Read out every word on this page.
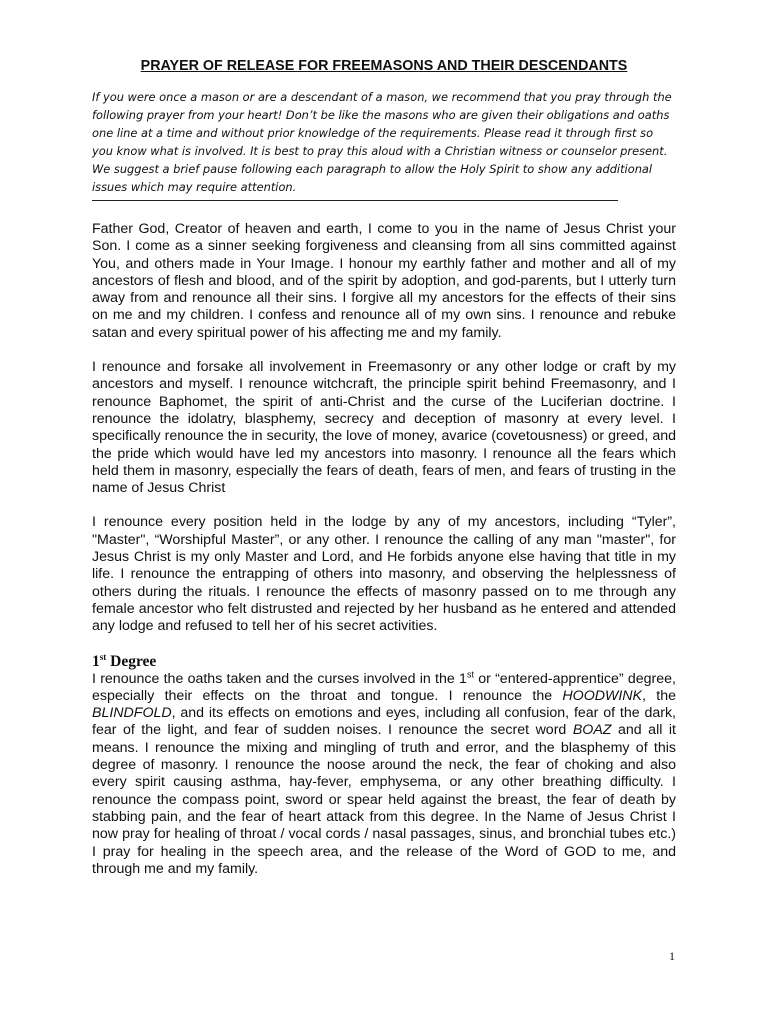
PRAYER OF RELEASE FOR FREEMASONS AND THEIR DESCENDANTS

If you were once a mason or are a descendant of a mason, we recommend that you pray through the following prayer from your heart! Don’t be like the masons who are given their obligations and oaths one line at a time and without prior knowledge of the requirements. Please read it through first so you know what is involved. It is best to pray this aloud with a Christian witness or counselor present. We suggest a brief pause following each paragraph to allow the Holy Spirit to show any additional issues which may require attention.

Father God, Creator of heaven and earth, I come to you in the name of Jesus Christ your Son. I come as a sinner seeking forgiveness and cleansing from all sins committed against You, and others made in Your Image. I honour my earthly father and mother and all of my ancestors of flesh and blood, and of the spirit by adoption, and god-parents, but I utterly turn away from and renounce all their sins. I forgive all my ancestors for the effects of their sins on me and my children. I confess and renounce all of my own sins. I renounce and rebuke satan and every spiritual power of his affecting me and my family.

I renounce and forsake all involvement in Freemasonry or any other lodge or craft by my ancestors and myself. I renounce witchcraft, the principle spirit behind Freemasonry, and I renounce Baphomet, the spirit of anti-Christ and the curse of the Luciferian doctrine. I renounce the idolatry, blasphemy, secrecy and deception of masonry at every level. I specifically renounce the in security, the love of money, avarice (covetousness) or greed, and the pride which would have led my ancestors into masonry. I renounce all the fears which held them in masonry, especially the fears of death, fears of men, and fears of trusting in the name of Jesus Christ

I renounce every position held in the lodge by any of my ancestors, including “Tyler”, "Master", “Worshipful Master”, or any other. I renounce the calling of any man "master", for Jesus Christ is my only Master and Lord, and He forbids anyone else having that title in my life. I renounce the entrapping of others into masonry, and observing the helplessness of others during the rituals. I renounce the effects of masonry passed on to me through any female ancestor who felt distrusted and rejected by her husband as he entered and attended any lodge and refused to tell her of his secret activities.

1st Degree

I renounce the oaths taken and the curses involved in the 1st or “entered-apprentice” degree, especially their effects on the throat and tongue. I renounce the HOODWINK, the BLINDFOLD, and its effects on emotions and eyes, including all confusion, fear of the dark, fear of the light, and fear of sudden noises. I renounce the secret word BOAZ and all it means. I renounce the mixing and mingling of truth and error, and the blasphemy of this degree of masonry. I renounce the noose around the neck, the fear of choking and also every spirit causing asthma, hay-fever, emphysema, or any other breathing difficulty. I renounce the compass point, sword or spear held against the breast, the fear of death by stabbing pain, and the fear of heart attack from this degree. In the Name of Jesus Christ I now pray for healing of throat / vocal cords / nasal passages, sinus, and bronchial tubes etc.) I pray for healing in the speech area, and the release of the Word of GOD to me, and through me and my family.

1
